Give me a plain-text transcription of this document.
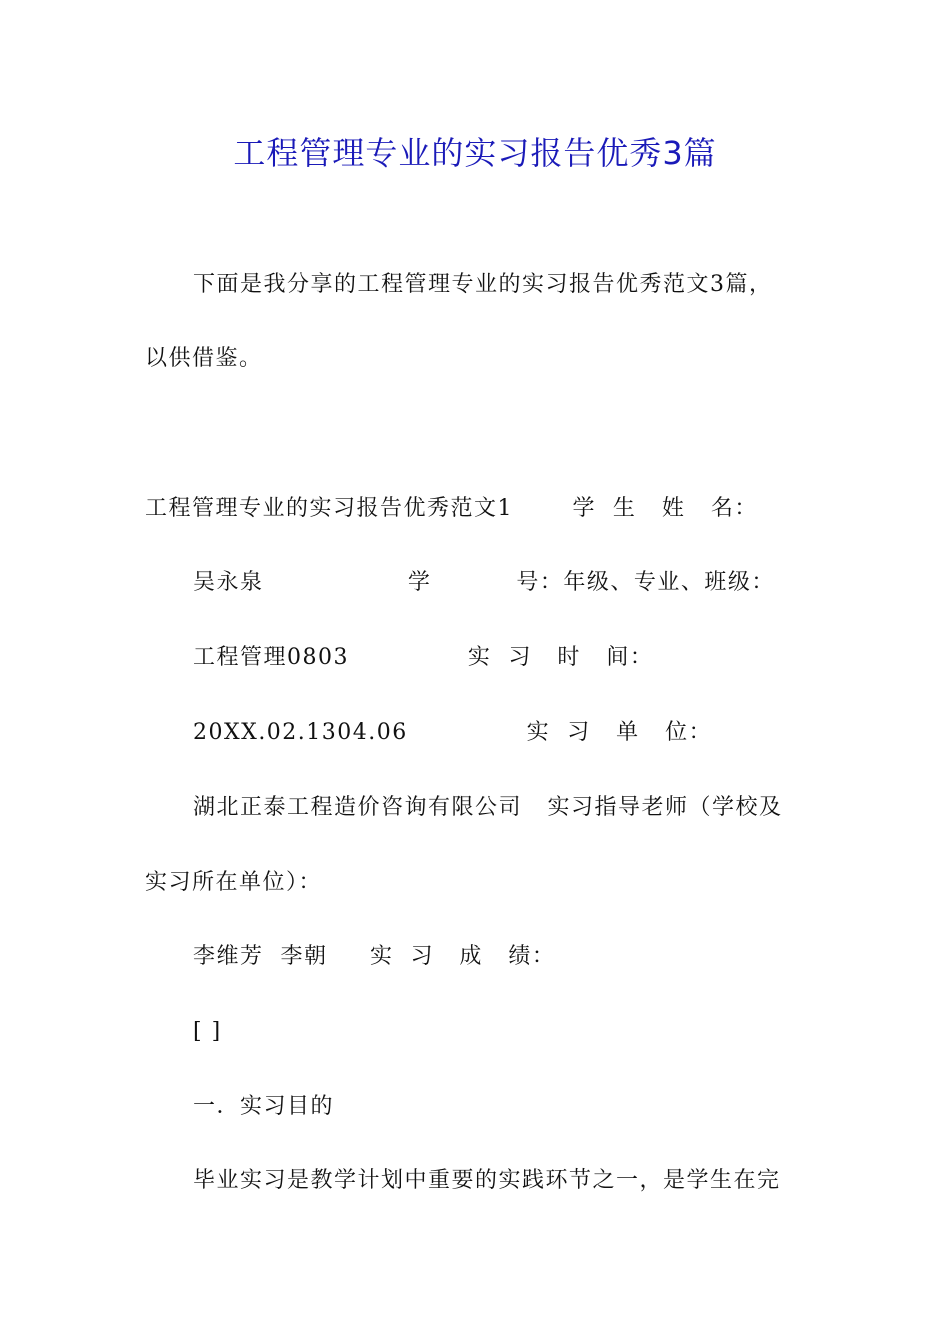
工程管理专业的实习报告优秀3篇
下面是我分享的工程管理专业的实习报告优秀范文3篇，
以供借鉴。
工程管理专业的实习报告优秀范文1       学  生   姓   名：
吴永泉                 学          号：年级、专业、班级：
工程管理0803              实  习   时   间：
20XX.02.1304.06              实  习   单   位：
湖北正泰工程造价咨询有限公司   实习指导老师（学校及
实习所在单位）：
李维芳  李朝     实  习   成   绩：
[ ]
一．实习目的
毕业实习是教学计划中重要的实践环节之一，是学生在完
